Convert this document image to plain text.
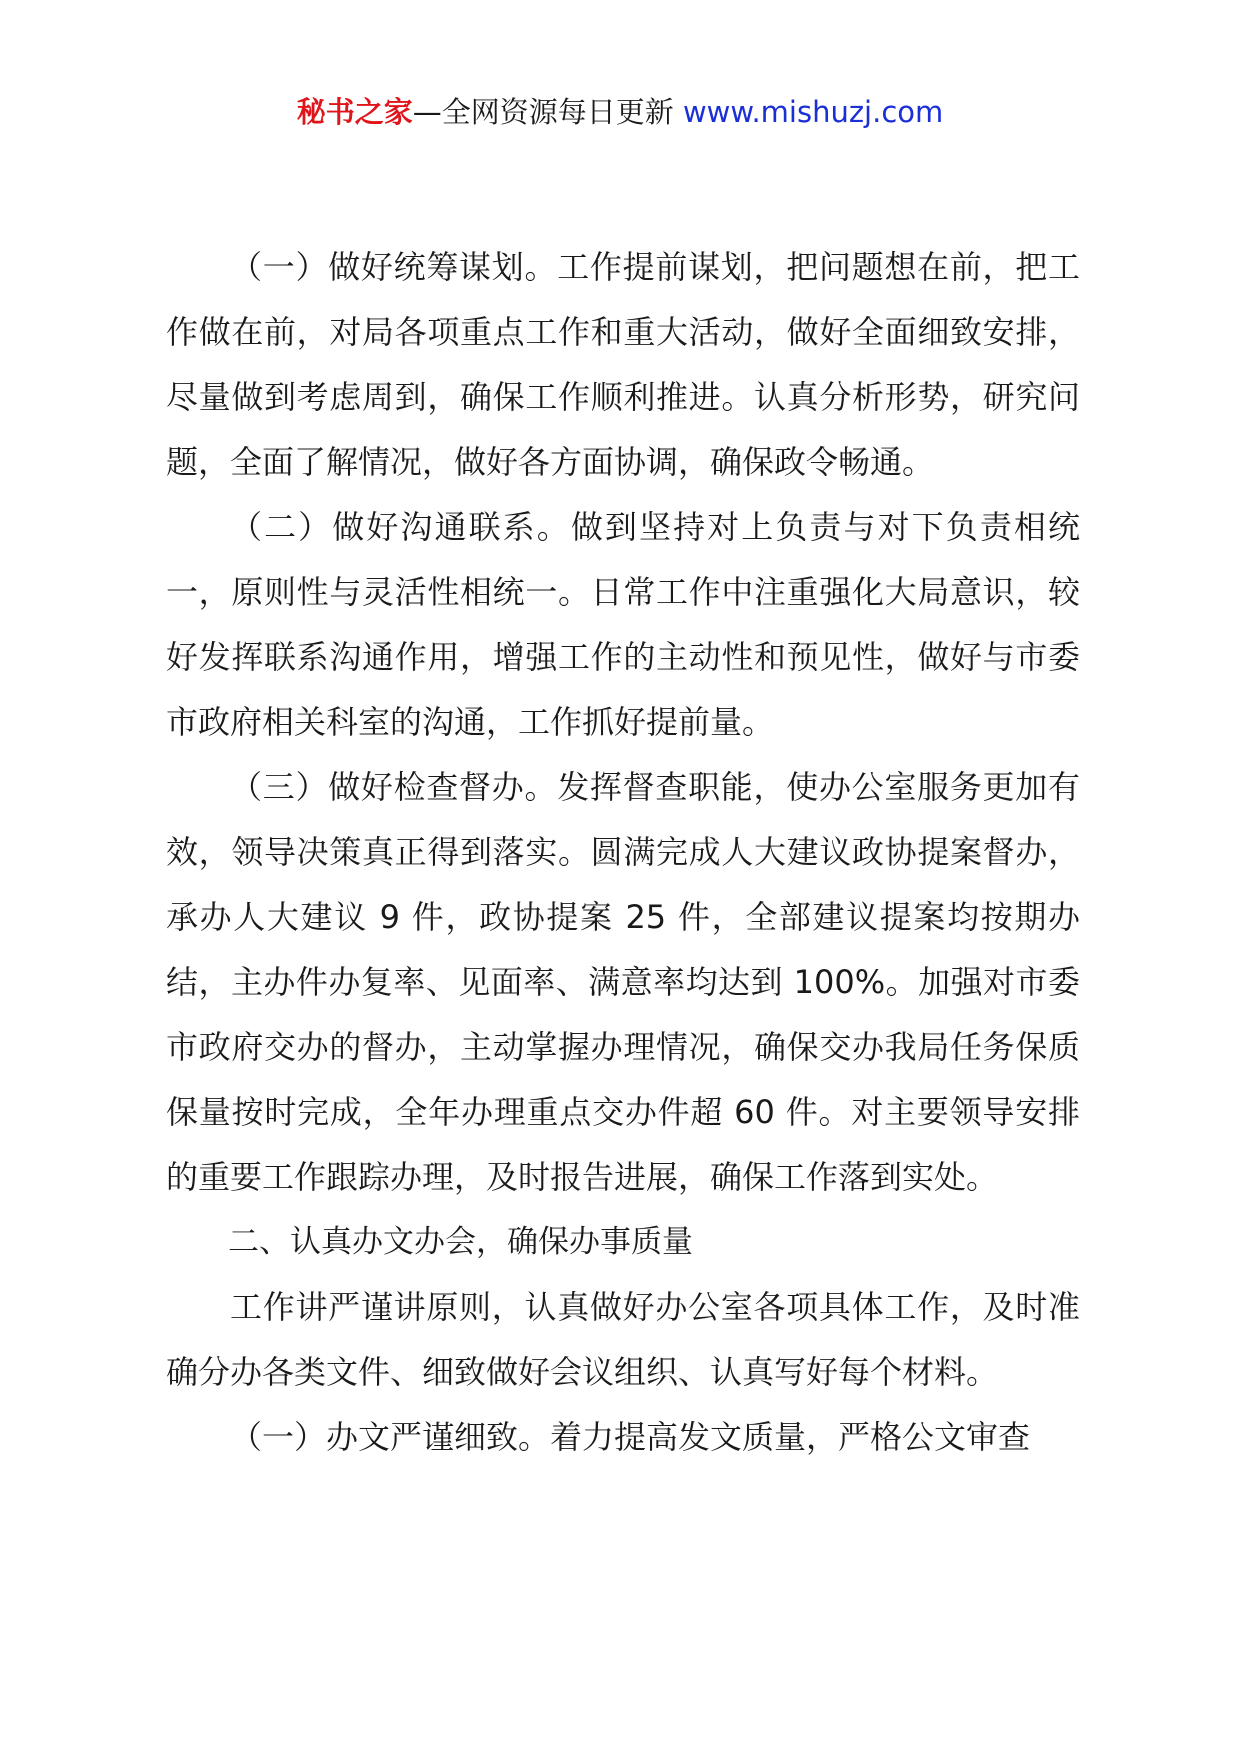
秘书之家—全网资源每日更新 www.mishuzj.com

（一）做好统筹谋划。工作提前谋划，把问题想在前，把工作做在前，对局各项重点工作和重大活动，做好全面细致安排，尽量做到考虑周到，确保工作顺利推进。认真分析形势，研究问题，全面了解情况，做好各方面协调，确保政令畅通。

（二）做好沟通联系。做到坚持对上负责与对下负责相统一，原则性与灵活性相统一。日常工作中注重强化大局意识，较好发挥联系沟通作用，增强工作的主动性和预见性，做好与市委市政府相关科室的沟通，工作抓好提前量。

（三）做好检查督办。发挥督查职能，使办公室服务更加有效，领导决策真正得到落实。圆满完成人大建议政协提案督办，承办人大建议 9 件，政协提案 25 件，全部建议提案均按期办结，主办件办复率、见面率、满意率均达到 100%。加强对市委市政府交办的督办，主动掌握办理情况，确保交办我局任务保质保量按时完成，全年办理重点交办件超 60 件。对主要领导安排的重要工作跟踪办理，及时报告进展，确保工作落到实处。

二、认真办文办会，确保办事质量

工作讲严谨讲原则，认真做好办公室各项具体工作，及时准确分办各类文件、细致做好会议组织、认真写好每个材料。

（一）办文严谨细致。着力提高发文质量，严格公文审查
